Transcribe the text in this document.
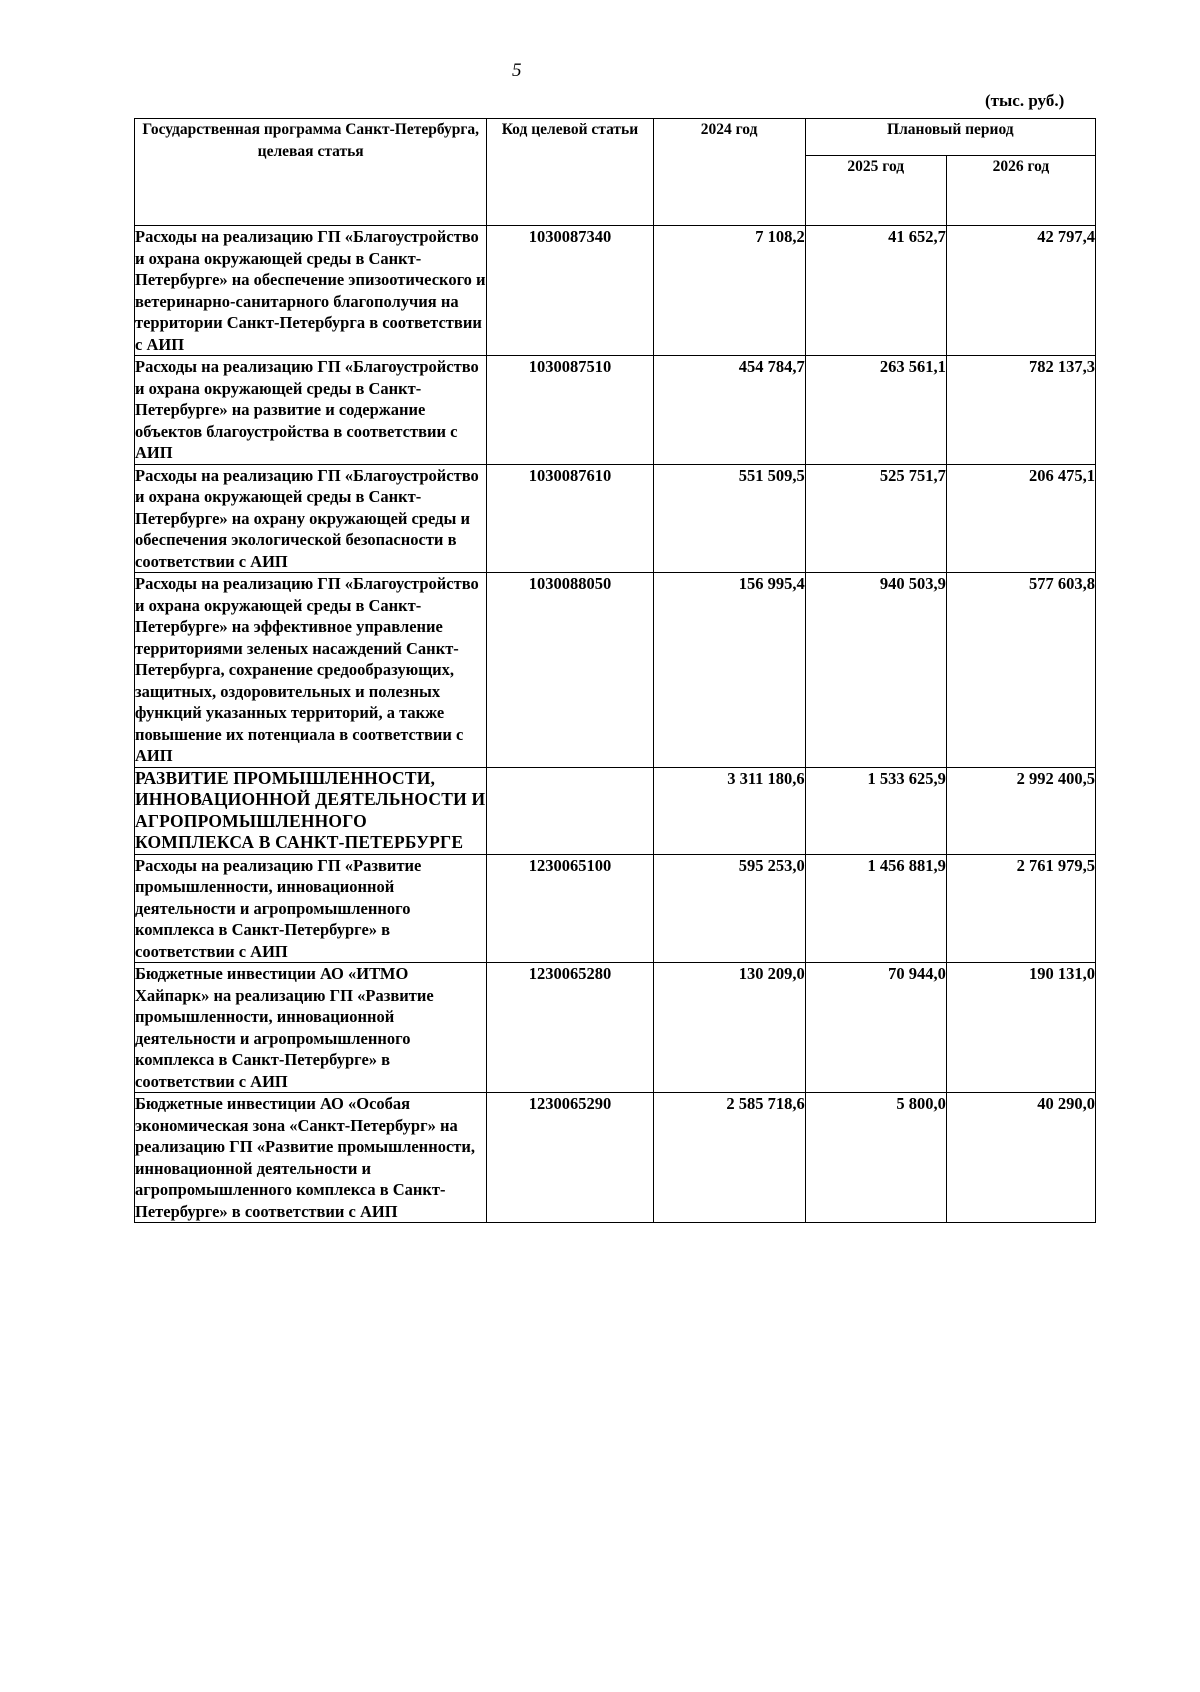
5
(тыс. руб.)
Государственная программа Санкт-Петербурга, целевая статья	Код целевой статьи	2024 год	Плановый период	
			2025 год	2026 год
Расходы на реализацию ГП «Благоустройство и охрана окружающей среды в Санкт-Петербурге» на обеспечение эпизоотического и ветеринарно-санитарного благополучия на территории Санкт-Петербурга в соответствии с АИП	1030087340	7 108,2	41 652,7	42 797,4
Расходы на реализацию ГП «Благоустройство и охрана окружающей среды в Санкт-Петербурге» на развитие и содержание объектов благоустройства в соответствии с АИП	1030087510	454 784,7	263 561,1	782 137,3
Расходы на реализацию ГП «Благоустройство и охрана окружающей среды в Санкт-Петербурге» на охрану окружающей среды и обеспечения экологической безопасности в соответствии с АИП	1030087610	551 509,5	525 751,7	206 475,1
Расходы на реализацию ГП «Благоустройство и охрана окружающей среды в Санкт-Петербурге» на эффективное управление территориями зеленых насаждений Санкт-Петербурга, сохранение средообразующих, защитных, оздоровительных и полезных функций указанных территорий, а также повышение их потенциала в соответствии с АИП	1030088050	156 995,4	940 503,9	577 603,8
РАЗВИТИЕ ПРОМЫШЛЕННОСТИ, ИННОВАЦИОННОЙ ДЕЯТЕЛЬНОСТИ И АГРОПРОМЫШЛЕННОГО КОМПЛЕКСА В САНКТ-ПЕТЕРБУРГЕ		3 311 180,6	1 533 625,9	2 992 400,5
Расходы на реализацию ГП «Развитие промышленности, инновационной деятельности и агропромышленного комплекса в Санкт-Петербурге» в соответствии с АИП	1230065100	595 253,0	1 456 881,9	2 761 979,5
Бюджетные инвестиции АО «ИТМО Хайпарк» на реализацию ГП «Развитие промышленности, инновационной деятельности и агропромышленного комплекса в Санкт-Петербурге» в соответствии с АИП	1230065280	130 209,0	70 944,0	190 131,0
Бюджетные инвестиции АО «Особая экономическая зона «Санкт-Петербург» на реализацию ГП «Развитие промышленности, инновационной деятельности и агропромышленного комплекса в Санкт-Петербурге» в соответствии с АИП	1230065290	2 585 718,6	5 800,0	40 290,0
